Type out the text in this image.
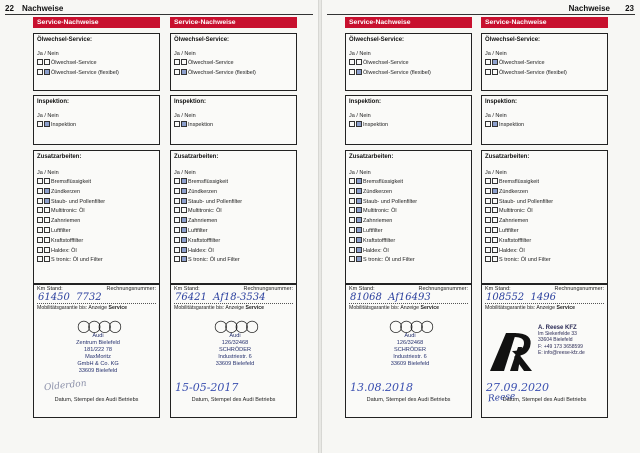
22 Nachweise	Nachweise 23
Service-Nachweise
Ölwechsel-Service:
Ja / Nein
Ölwechsel-Service
Ölwechsel-Service (flexibel)
Inspektion:
Ja / Nein
Inspektion
Zusatzarbeiten:
Ja / Nein
Bremsflüssigkeit
Zündkerzen
Staub- und Pollenfilter
Multitronic: Öl
Zahnriemen
Luftfilter
Kraftstofffilter
Haldex: Öl
S tronic: Öl und Filter
Km Stand:	Rechnungsnummer:
61450 7732
Mobilitätsgarantie bis: Anzeige Service
◯◯◯◯
Audi
Zentrum Bielefeld
181/222 78
MaxMoritz
GmbH & Co. KG
33609 Bielefeld
Olderdon
Datum, Stempel des Audi Betriebs
Service-Nachweise
Ölwechsel-Service:
Ja / Nein
Ölwechsel-Service
Ölwechsel-Service (flexibel)
Inspektion:
Ja / Nein
Inspektion
Zusatzarbeiten:
Ja / Nein
Bremsflüssigkeit
Zündkerzen
Staub- und Pollenfilter
Multitronic: Öl
Zahnriemen
Luftfilter
Kraftstofffilter
Haldex: Öl
S tronic: Öl und Filter
Km Stand:	Rechnungsnummer:
76421 Af18-3534
Mobilitätsgarantie bis: Anzeige Service
◯◯◯◯
Audi
126/32468
SCHRÖDER
Industriestr. 6
33609 Bielefeld
15-05-2017
Datum, Stempel des Audi Betriebs
Service-Nachweise
Ölwechsel-Service:
Ja / Nein
Ölwechsel-Service
Ölwechsel-Service (flexibel)
Inspektion:
Ja / Nein
Inspektion
Zusatzarbeiten:
Ja / Nein
Bremsflüssigkeit
Zündkerzen
Staub- und Pollenfilter
Multitronic: Öl
Zahnriemen
Luftfilter
Kraftstofffilter
Haldex: Öl
S tronic: Öl und Filter
Km Stand:	Rechnungsnummer:
81068 Af16493
Mobilitätsgarantie bis: Anzeige Service
◯◯◯◯
Audi
126/32468
SCHRÖDER
Industriestr. 6
33609 Bielefeld
13.08.2018
Datum, Stempel des Audi Betriebs
Service-Nachweise
Ölwechsel-Service:
Ja / Nein
Ölwechsel-Service
Ölwechsel-Service (flexibel)
Inspektion:
Ja / Nein
Inspektion
Zusatzarbeiten:
Ja / Nein
Bremsflüssigkeit
Zündkerzen
Staub- und Pollenfilter
Multitronic: Öl
Zahnriemen
Luftfilter
Kraftstofffilter
Haldex: Öl
S tronic: Öl und Filter
Km Stand:	Rechnungsnummer:
108552 1496
Mobilitätsgarantie bis: Anzeige Service
A. Reese KFZ
Im Siekerfelde 33
33604 Bielefeld
F: +49 173 3658599
E: info@reese-kfz.de
27.09.2020
Reese
Datum, Stempel des Audi Betriebs
